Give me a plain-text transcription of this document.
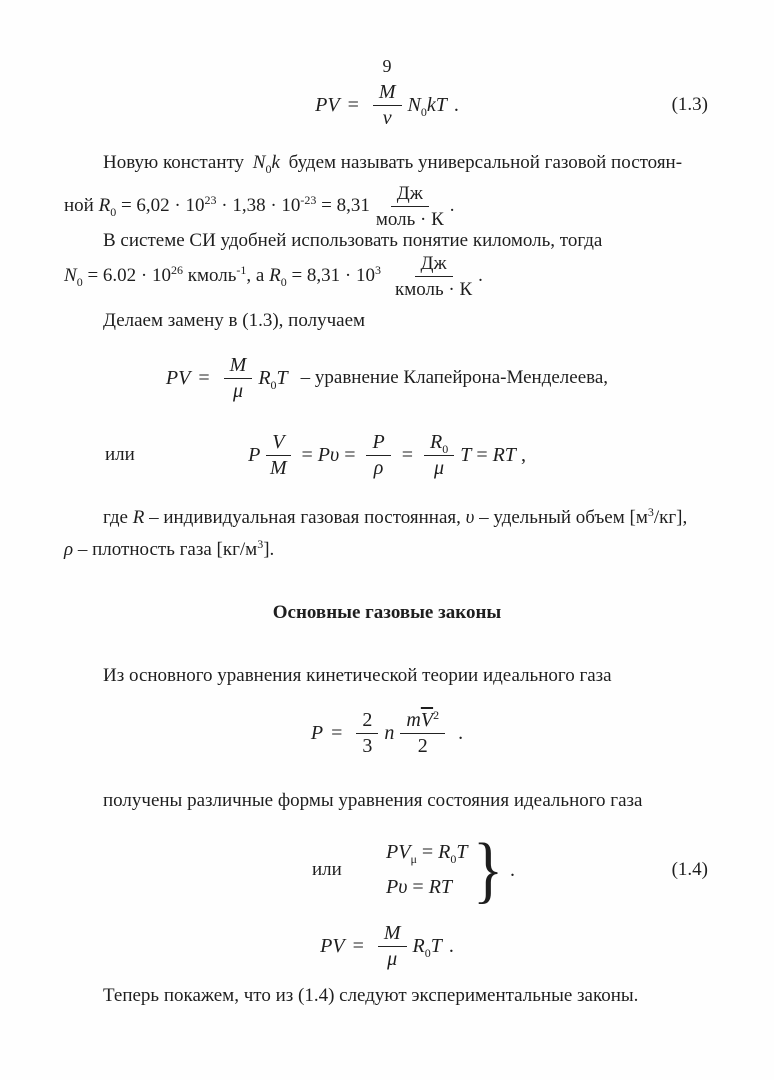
9
PV = $\frac{M}{\nu} N_0kT$ .	(1.3)
Новую константу $N_0k$ будем называть универсальной газовой постоян-
ной $R_0 = 6,02 \cdot 10^{23} \cdot 1,38 \cdot 10^{-23} = 8,31$
Дж
моль · К
.
В системе СИ удобней использовать понятие киломоль, тогда
$N_0 = 6.02 \cdot 10^{26}$ кмоль$^{-1}$, а $R_0 = 8,31 \cdot 10^3$	Дж
кмоль · К
.
Делаем замену в (1.3), получаем
PV = $\frac{M}{\mu} R_0T$ – уравнение Клапейрона-Менделеева,
или	P $\frac{V}{M} = P\upsilon = \frac{P}{\rho} = \frac{R_0}{\mu}$ T = RT ,
где R – индивидуальная газовая постоянная, υ – удельный объем $[м^3/кг]$,
ρ – плотность газа $[кг/м^3]$.
Основные газовые законы
Из основного уравнения кинетической теории идеального газа
$P = \frac{2}{3}$ n $\frac{m\overline{V}^2}{2}$ .
получены различные формы уравнения состояния идеального газа
или
$PV_\mu = R_0T$
Pυ = RT } .	(1.4)
PV = $\frac{M}{\mu} R_0T$ .
Теперь покажем, что из (1.4) следуют экспериментальные законы.
